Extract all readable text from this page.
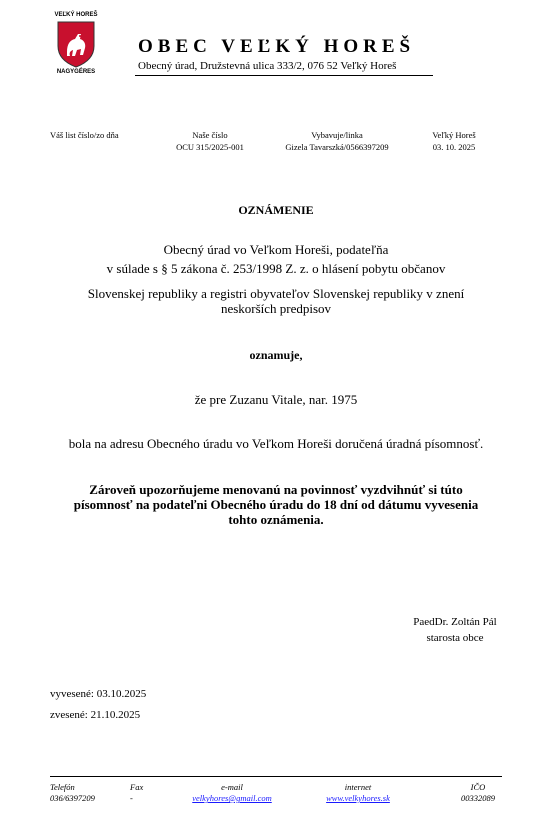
VEĽKÝ HOREŠ
NAGYGÉRES
OBEC VEĽKÝ HOREŠ
Obecný úrad, Družstevná ulica 333/2, 076 52 Veľký Horeš
Váš list číslo/zo dňa	Naše číslo
OCU 315/2025-001
Vybavuje/linka
Gizela Tavarszká/0566397209
Veľký Horeš
03. 10. 2025
OZNÁMENIE
Obecný úrad vo Veľkom Horeši, podateľňa
v súlade s § 5 zákona č. 253/1998 Z. z. o hlásení pobytu občanov
Slovenskej republiky a registri obyvateľov Slovenskej republiky v znení neskorších predpisov
oznamuje,
že pre Zuzanu Vitale, nar. 1975
bola na adresu Obecného úradu vo Veľkom Horeši doručená úradná písomnosť.
Zároveň upozorňujeme menovanú na povinnosť vyzdvihnúť si túto písomnosť na podateľni Obecného úradu do 18 dní od dátumu vyvesenia tohto oznámenia.
PaedDr. Zoltán Pál
starosta obce
vyvesené: 03.10.2025
zvesené: 21.10.2025
Telefón
036/6397209
Fax
-
e-mail
velkyhores@gmail.com
internet
www.velkyhores.sk
IČO
00332089
